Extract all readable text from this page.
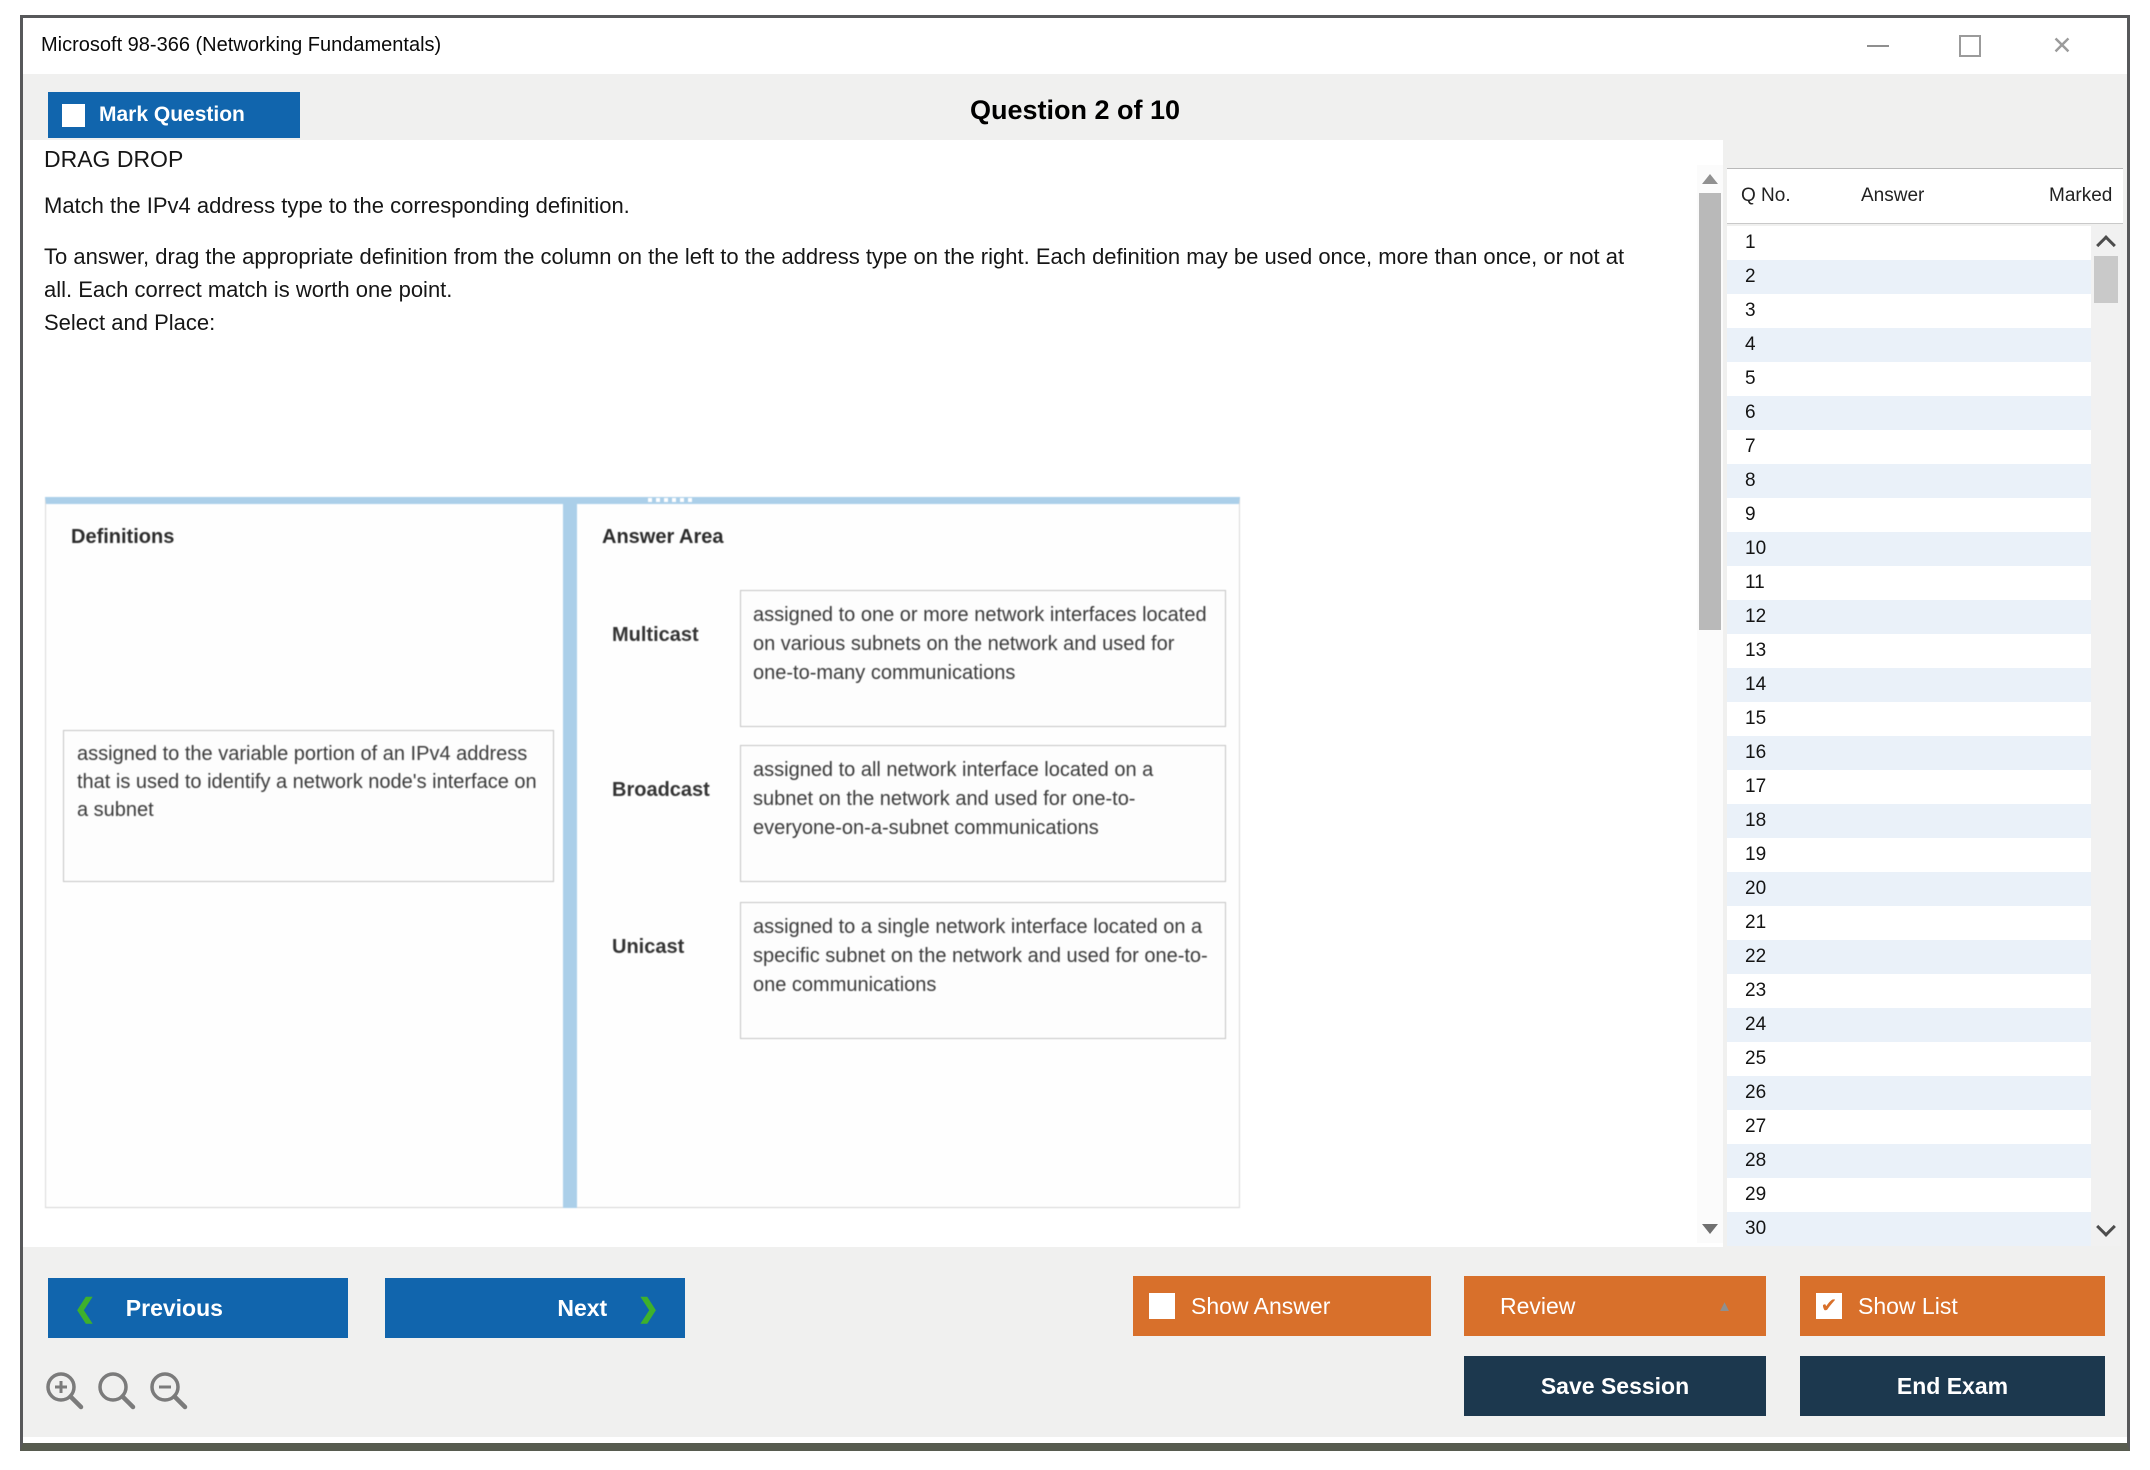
Microsoft 98-366 (Networking Fundamentals)	✕
Mark Question	Question 2 of 10
DRAG DROP
Match the IPv4 address type to the corresponding definition.
To answer, drag the appropriate definition from the column on the left to the address type on the right. Each definition may be used once, more than once, or not at all. Each correct match is worth one point.
Select and Place:
Definitions
assigned to the variable portion of an IPv4 address that is used to identify a network node's interface on a subnet
Answer Area
Multicast
assigned to one or more network interfaces located on various subnets on the network and used for one-to-many communications
Broadcast
assigned to all network interface located on a subnet on the network and used for one-to-everyone-on-a-subnet communications
Unicast
assigned to a single network interface located on a specific subnet on the network and used for one-to-one communications
Q No.	Answer	Marked
1
2
3
4
5
6
7
8
9
10
11
12
13
14
15
16
17
18
19
20
21
22
23
24
25
26
27
28
29
30
❮ Previous	Next ❯	Show Answer	Review	▲	✔ Show List
Save Session	End Exam
